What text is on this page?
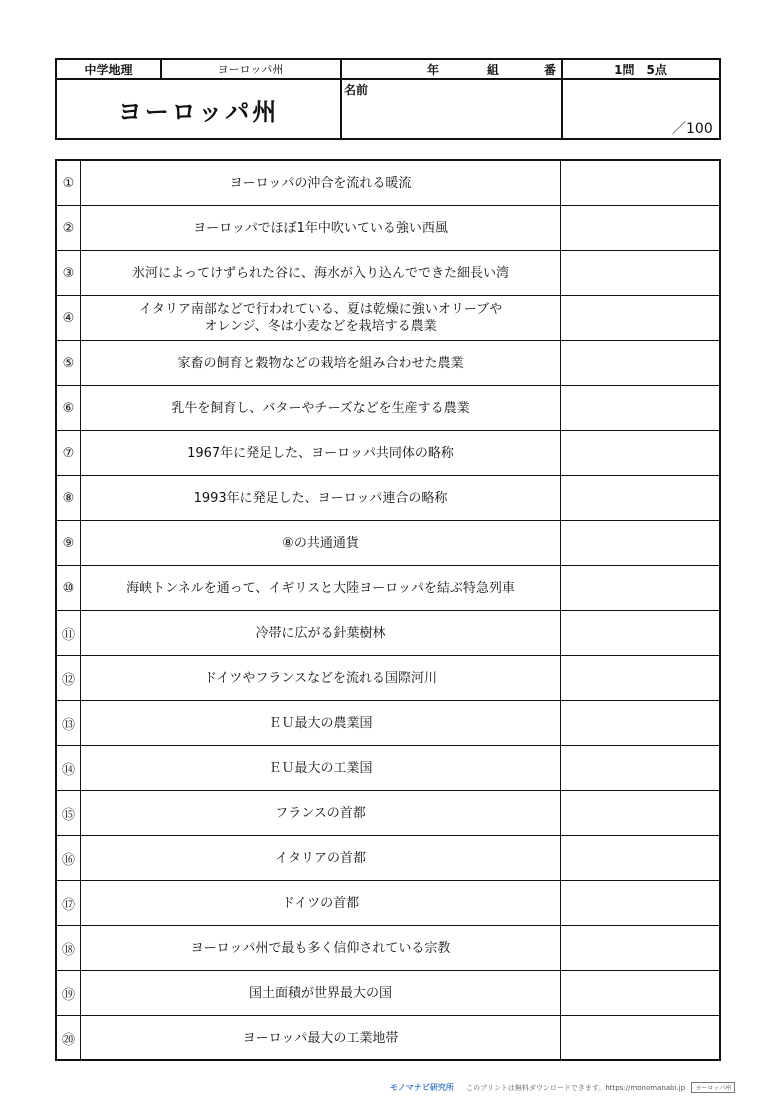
中学地理	ヨーロッパ州	年	組	番	1問　5点
ヨーロッパ州
名前
／100
①	ヨーロッパの沖合を流れる暖流
②	ヨーロッパでほぼ1年中吹いている強い西風
③	氷河によってけずられた谷に、海水が入り込んでできた細長い湾
④
イタリア南部などで行われている、夏は乾燥に強いオリーブや
オレンジ、冬は小麦などを栽培する農業
⑤	家畜の飼育と穀物などの栽培を組み合わせた農業
⑥	乳牛を飼育し、バターやチーズなどを生産する農業
⑦	1967年に発足した、ヨーロッパ共同体の略称
⑧	1993年に発足した、ヨーロッパ連合の略称
⑨	⑧の共通通貨
⑩	海峡トンネルを通って、イギリスと大陸ヨーロッパを結ぶ特急列車
⑪	冷帯に広がる針葉樹林
⑫	ドイツやフランスなどを流れる国際河川
⑬	ＥＵ最大の農業国
⑭	ＥＵ最大の工業国
⑮	フランスの首都
⑯	イタリアの首都
⑰	ドイツの首都
⑱	ヨーロッパ州で最も多く信仰されている宗教
⑲	国土面積が世界最大の国
⑳	ヨーロッパ最大の工業地帯
モノマナビ研究所 このプリントは無料ダウンロードできます。https://monomanabi.jp ヨーロッパ州
